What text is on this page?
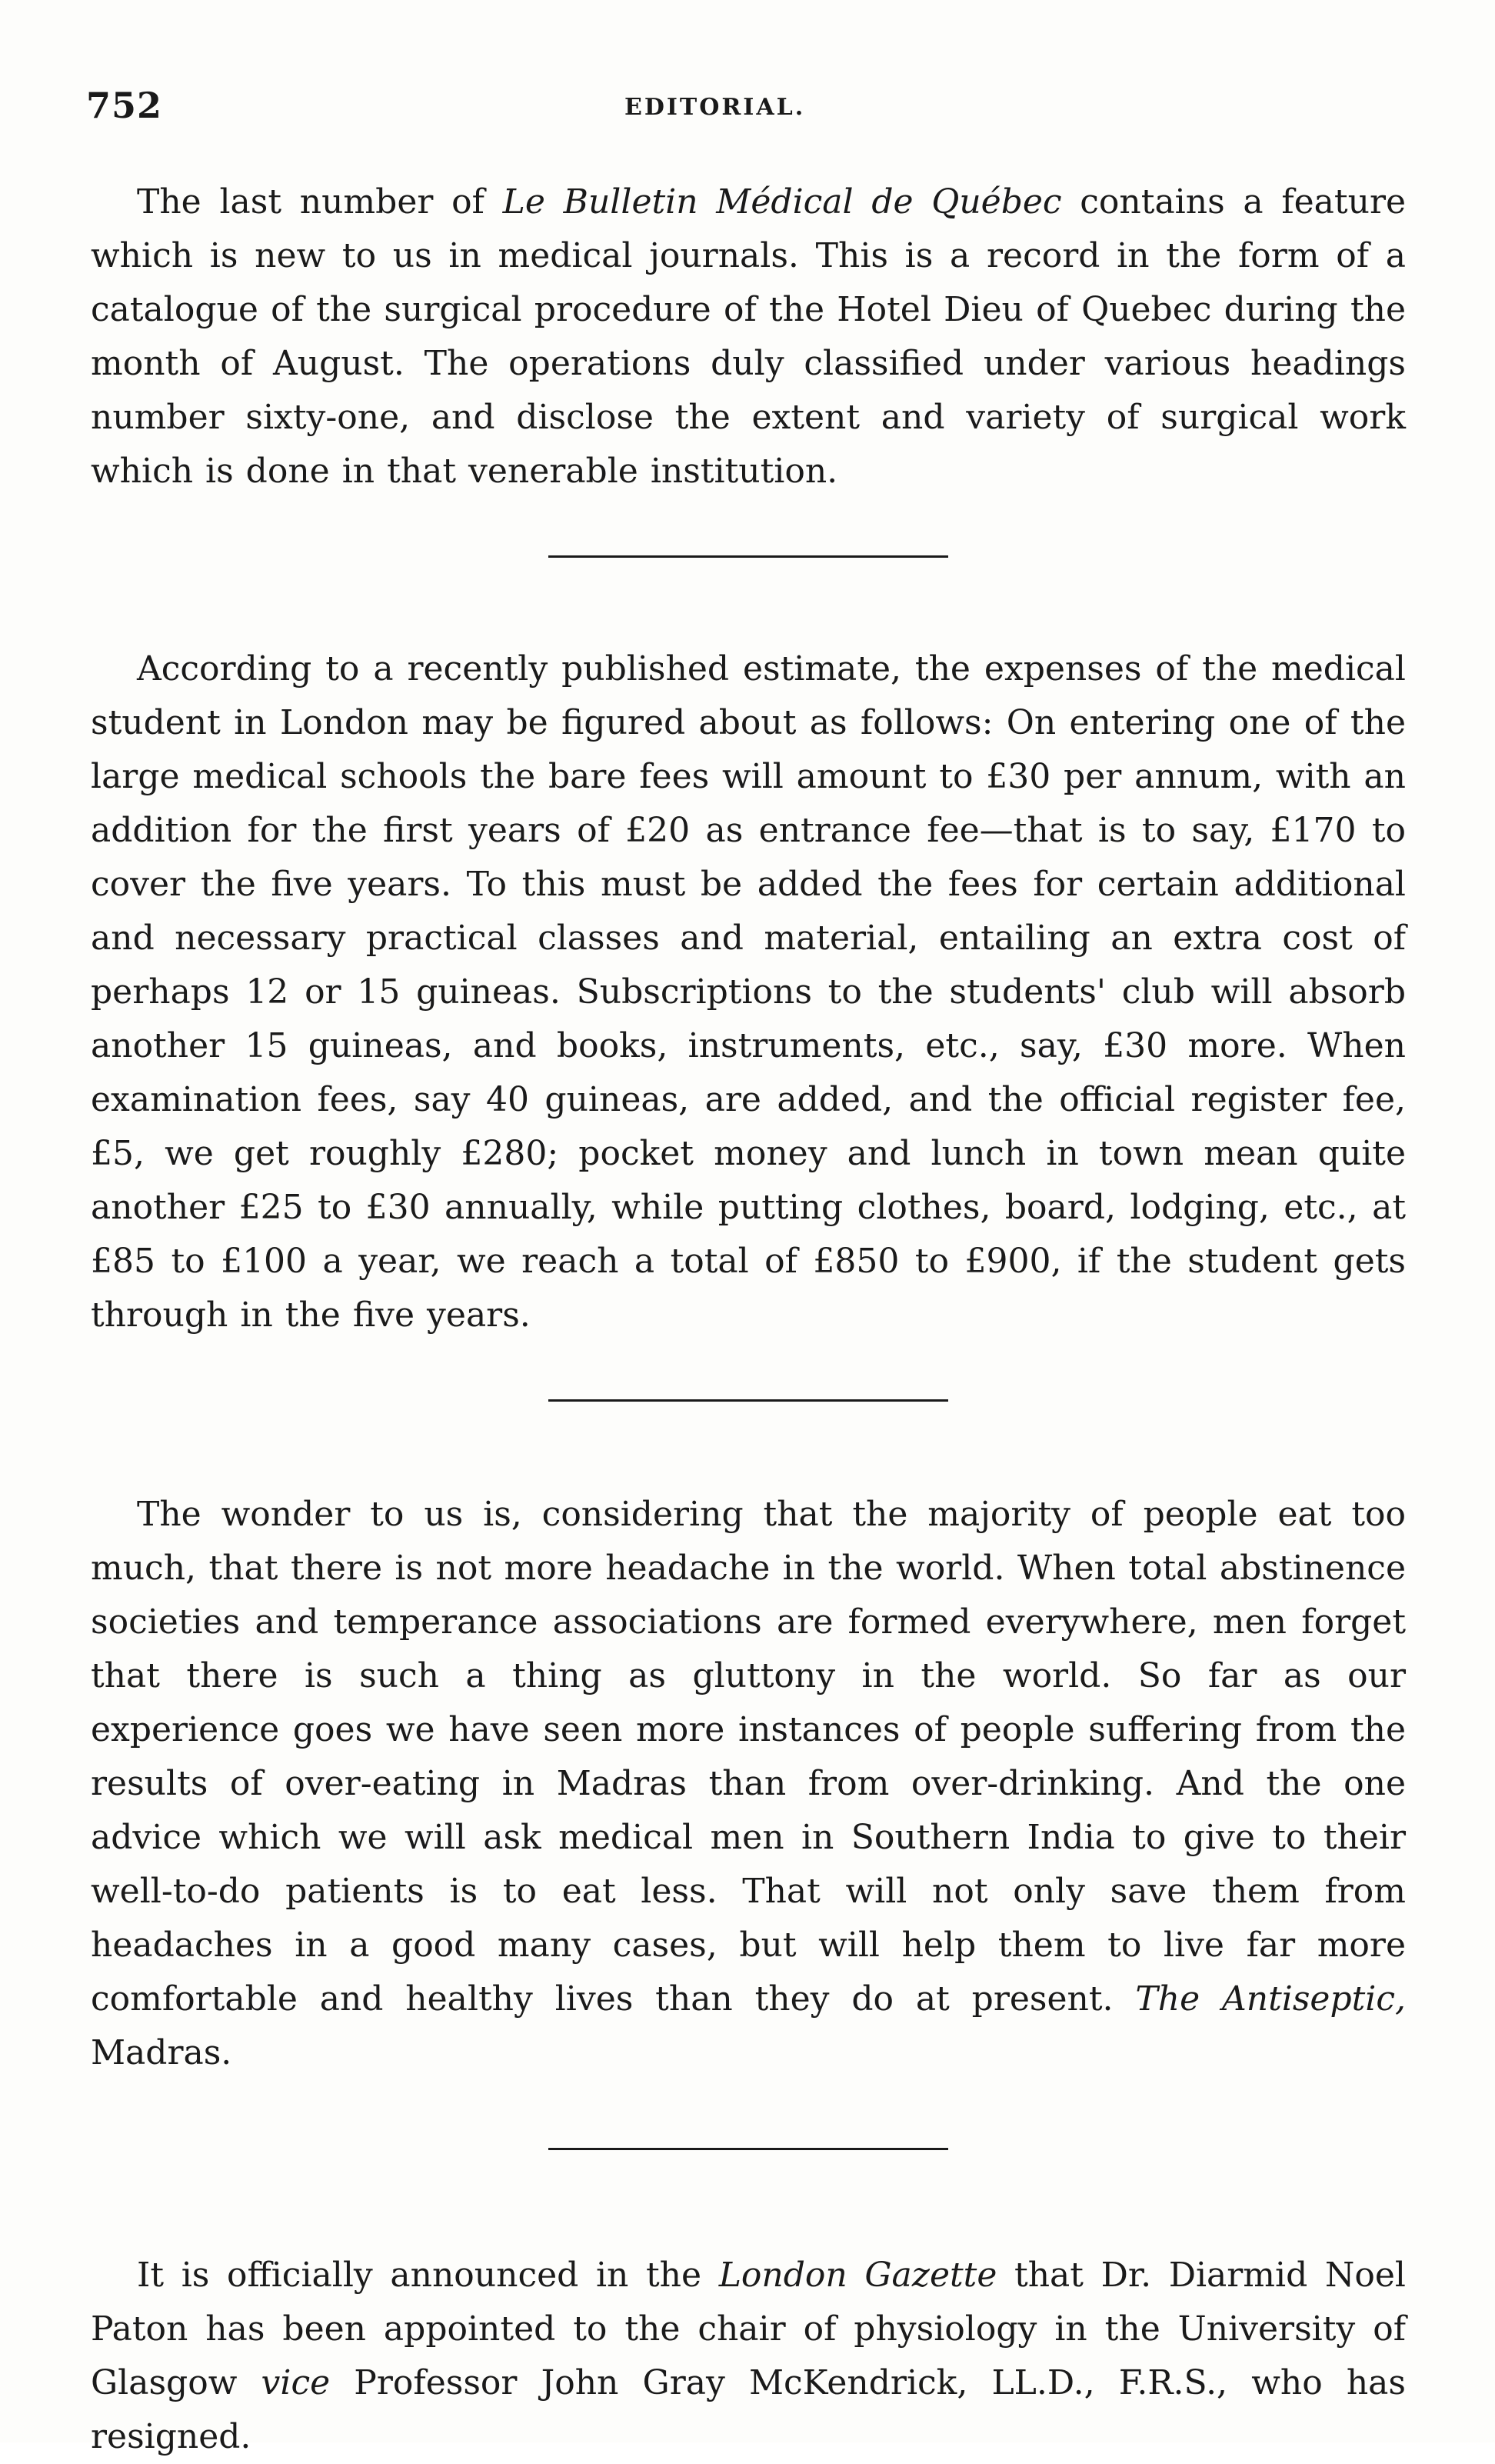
752	EDITORIAL.

The last number of Le Bulletin Médical de Québec contains a feature which is new to us in medical journals. This is a record in the form of a catalogue of the surgical procedure of the Hotel Dieu of Quebec during the month of August. The operations duly classified under various headings number sixty-one, and disclose the extent and variety of surgical work which is done in that venerable institution.

According to a recently published estimate, the expenses of the medical student in London may be figured about as follows: On entering one of the large medical schools the bare fees will amount to £30 per annum, with an addition for the first years of £20 as entrance fee—that is to say, £170 to cover the five years. To this must be added the fees for certain additional and necessary practical classes and material, entailing an extra cost of perhaps 12 or 15 guineas. Subscriptions to the students' club will absorb another 15 guineas, and books, instruments, etc., say, £30 more. When examination fees, say 40 guineas, are added, and the official register fee, £5, we get roughly £280; pocket money and lunch in town mean quite another £25 to £30 annually, while putting clothes, board, lodging, etc., at £85 to £100 a year, we reach a total of £850 to £900, if the student gets through in the five years.

The wonder to us is, considering that the majority of people eat too much, that there is not more headache in the world. When total abstinence societies and temperance associations are formed everywhere, men forget that there is such a thing as gluttony in the world. So far as our experience goes we have seen more instances of people suffering from the results of over-eating in Madras than from over-drinking. And the one advice which we will ask medical men in Southern India to give to their well-to-do patients is to eat less. That will not only save them from headaches in a good many cases, but will help them to live far more comfortable and healthy lives than they do at present. The Antiseptic, Madras.

It is officially announced in the London Gazette that Dr. Diarmid Noel Paton has been appointed to the chair of physiology in the University of Glasgow vice Professor John Gray McKendrick, LL.D., F.R.S., who has resigned.
